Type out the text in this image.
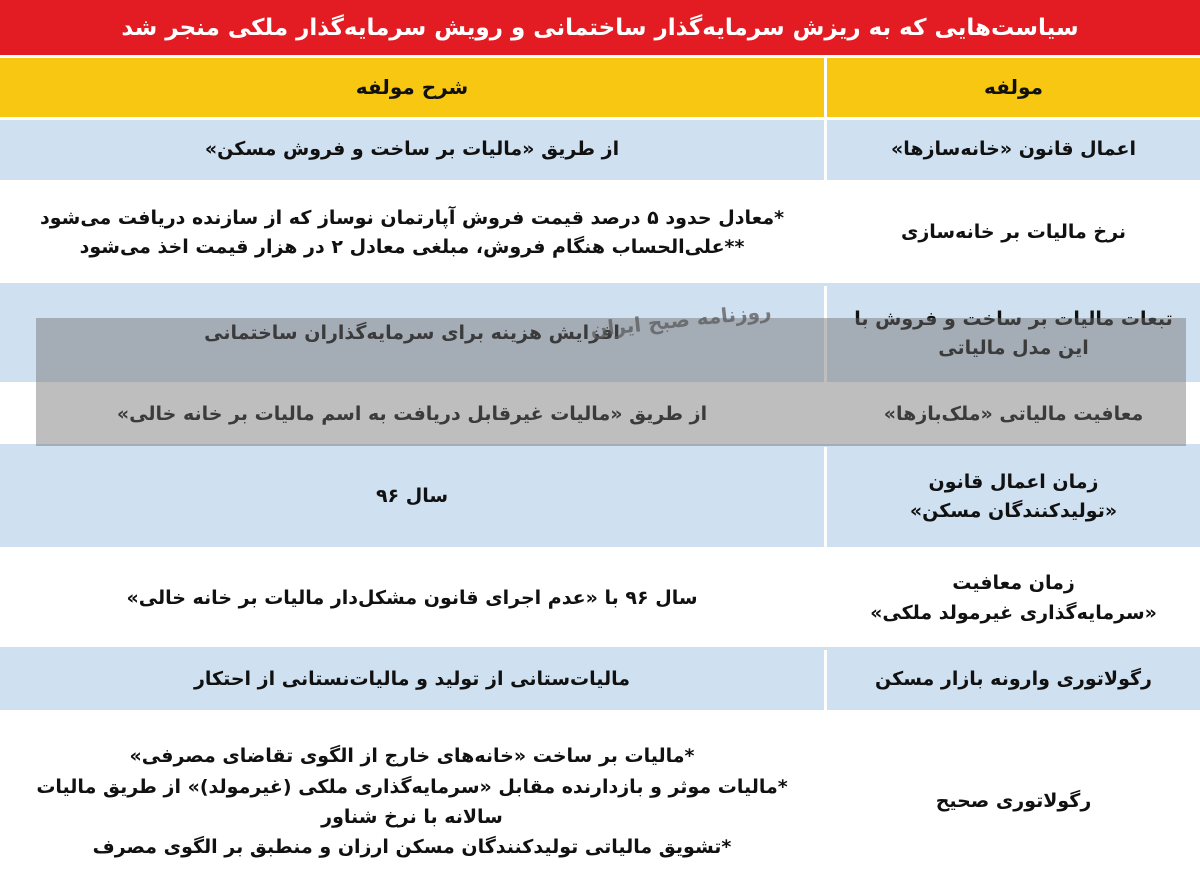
سیاست‌هایی که به ریزش سرمایه‌گذار ساختمانی و رویش سرمایه‌گذار ملکی منجر شد
مولفه
شرح مولفه
اعمال قانون «خانه‌سازها»
از طریق «مالیات بر ساخت و فروش مسکن»
نرخ مالیات بر خانه‌سازی
*معادل حدود ۵ درصد قیمت فروش آپارتمان نوساز که از سازنده دریافت می‌شود
**علی‌الحساب هنگام فروش، مبلغی معادل ۲ در هزار قیمت اخذ می‌شود
تبعات مالیات بر ساخت و فروش با
این مدل مالیاتی
افزایش هزینه برای سرمایه‌گذاران ساختمانی
معافیت مالیاتی «ملک‌بازها»
از طریق «مالیات غیرقابل دریافت به اسم مالیات بر خانه خالی»
زمان اعمال قانون
«تولیدکنندگان مسکن»
سال ۹۶
زمان معافیت
«سرمایه‌گذاری غیرمولد ملکی»
سال ۹۶ با «عدم اجرای قانون مشکل‌دار مالیات بر خانه خالی»
رگولاتوری وارونه بازار مسکن
مالیات‌ستانی از تولید و مالیات‌نستانی از احتکار
رگولاتوری صحیح
*مالیات بر ساخت «خانه‌های خارج از الگوی تقاضای مصرفی»
*مالیات موثر و بازدارنده مقابل «سرمایه‌گذاری ملکی (غیرمولد)» از طریق مالیات
سالانه با نرخ شناور
*تشویق مالیاتی تولیدکنندگان مسکن ارزان و منطبق بر الگوی مصرف
روزنامه صبح ایران
